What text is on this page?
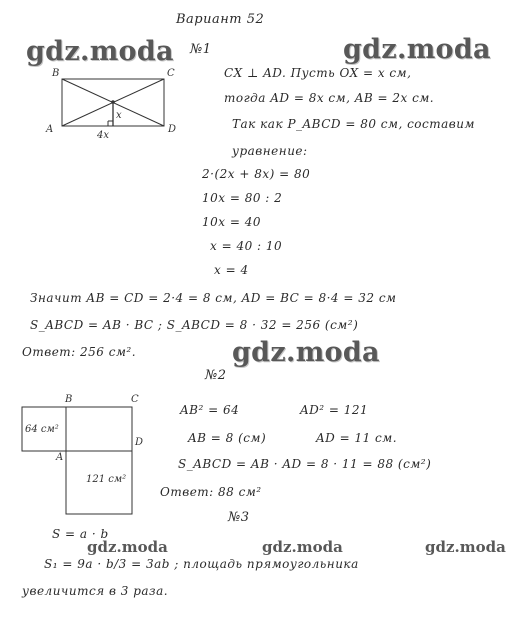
gdz.moda	gdz.moda
gdz.moda
gdz.moda	gdz.moda	gdz.moda
Вариант 52
№1
B	C
A	D
x
4x
CX ⊥ AD. Пусть OX = x см,
тогда AD = 8x см, AB = 2x см.
Так как P_ABCD = 80 см, составим
уравнение:
2·(2x + 8x) = 80
10x = 80 : 2
10x = 40
x = 40 : 10
x = 4
Значит AB = CD = 2·4 = 8 см, AD = BC = 8·4 = 32 см
S_ABCD = AB · BC ; S_ABCD = 8 · 32 = 256 (см²)
Ответ: 256 см².
№2
B	C
D
A
64 см²
121 см²
AB² = 64	AD² = 121
AB = 8 (см)	AD = 11 см.
S_ABCD = AB · AD = 8 · 11 = 88 (см²)
Ответ: 88 см²
№3
S = a · b
S₁ = 9a · b/3 = 3ab ; площадь прямоугольника
увеличится в 3 раза.
